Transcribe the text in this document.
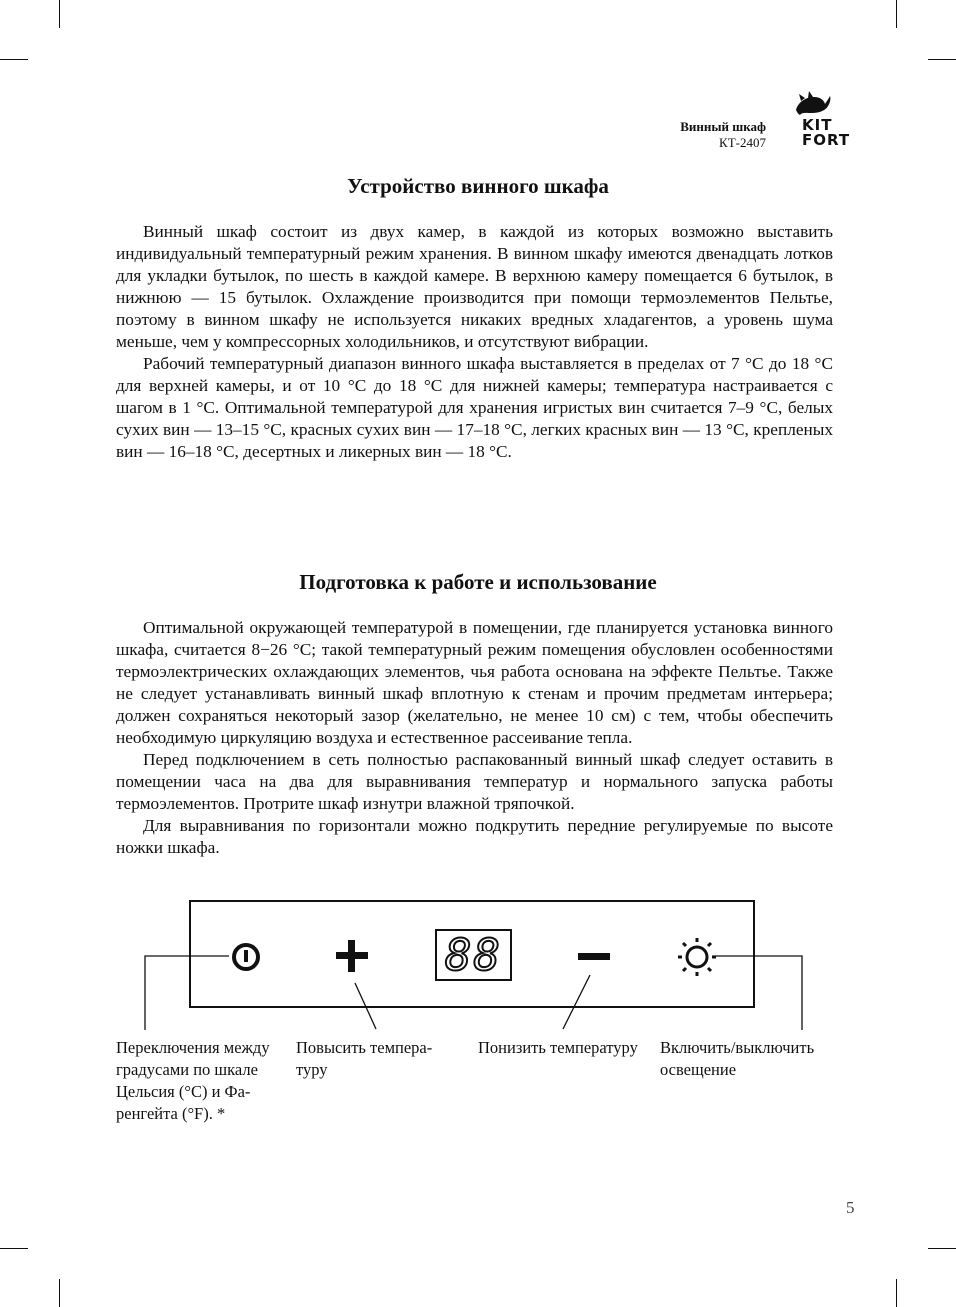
Винный шкаф
КТ-2407
KIT
FORT
Устройство винного шкафа

Винный шкаф состоит из двух камер, в каждой из которых возможно выставить индивидуальный температурный режим хранения. В винном шкафу имеются двенадцать лотков для укладки бутылок, по шесть в каждой камере. В верхнюю камеру помещается 6 бутылок, в нижнюю — 15 бутылок. Охлаждение производится при помощи термоэлементов Пельтье, поэтому в винном шкафу не используется никаких вредных хладагентов, а уровень шума меньше, чем у компрессорных холодильников, и отсутствуют вибрации.

Рабочий температурный диапазон винного шкафа выставляется в пределах от 7 °С до 18 °С для верхней камеры, и от 10 °С до 18 °С для нижней камеры; температура настраивается с шагом в 1 °С. Оптимальной температурой для хранения игристых вин считается 7–9 °С, белых сухих вин — 13–15 °С, красных сухих вин — 17–18 °С, легких красных вин — 13 °С, крепленых вин — 16–18 °С, десертных и ликерных вин — 18 °С.

Подготовка к работе и использование

Оптимальной окружающей температурой в помещении, где планируется установка винного шкафа, считается 8−26 °С; такой температурный режим помещения обусловлен особенностями термоэлектрических охлаждающих элементов, чья работа основана на эффекте Пельтье. Также не следует устанавливать винный шкаф вплотную к стенам и прочим предметам интерьера; должен сохраняться некоторый зазор (желательно, не менее 10 см) с тем, чтобы обеспечить необходимую циркуляцию воздуха и естественное рассеивание тепла.

Перед подключением в сеть полностью распакованный винный шкаф следует оставить в помещении часа на два для выравнивания температур и нормального запуска работы термоэлементов. Протрите шкаф изнутри влажной тряпочкой.

Для выравнивания по горизонтали можно подкрутить передние регулируемые по высоте ножки шкафа.

88
Переключения между градусами по шкале Цельсия (°С) и Фаренгейта (°F). *
Повысить температуру
Понизить температуру Включить/выключить освещение
5
